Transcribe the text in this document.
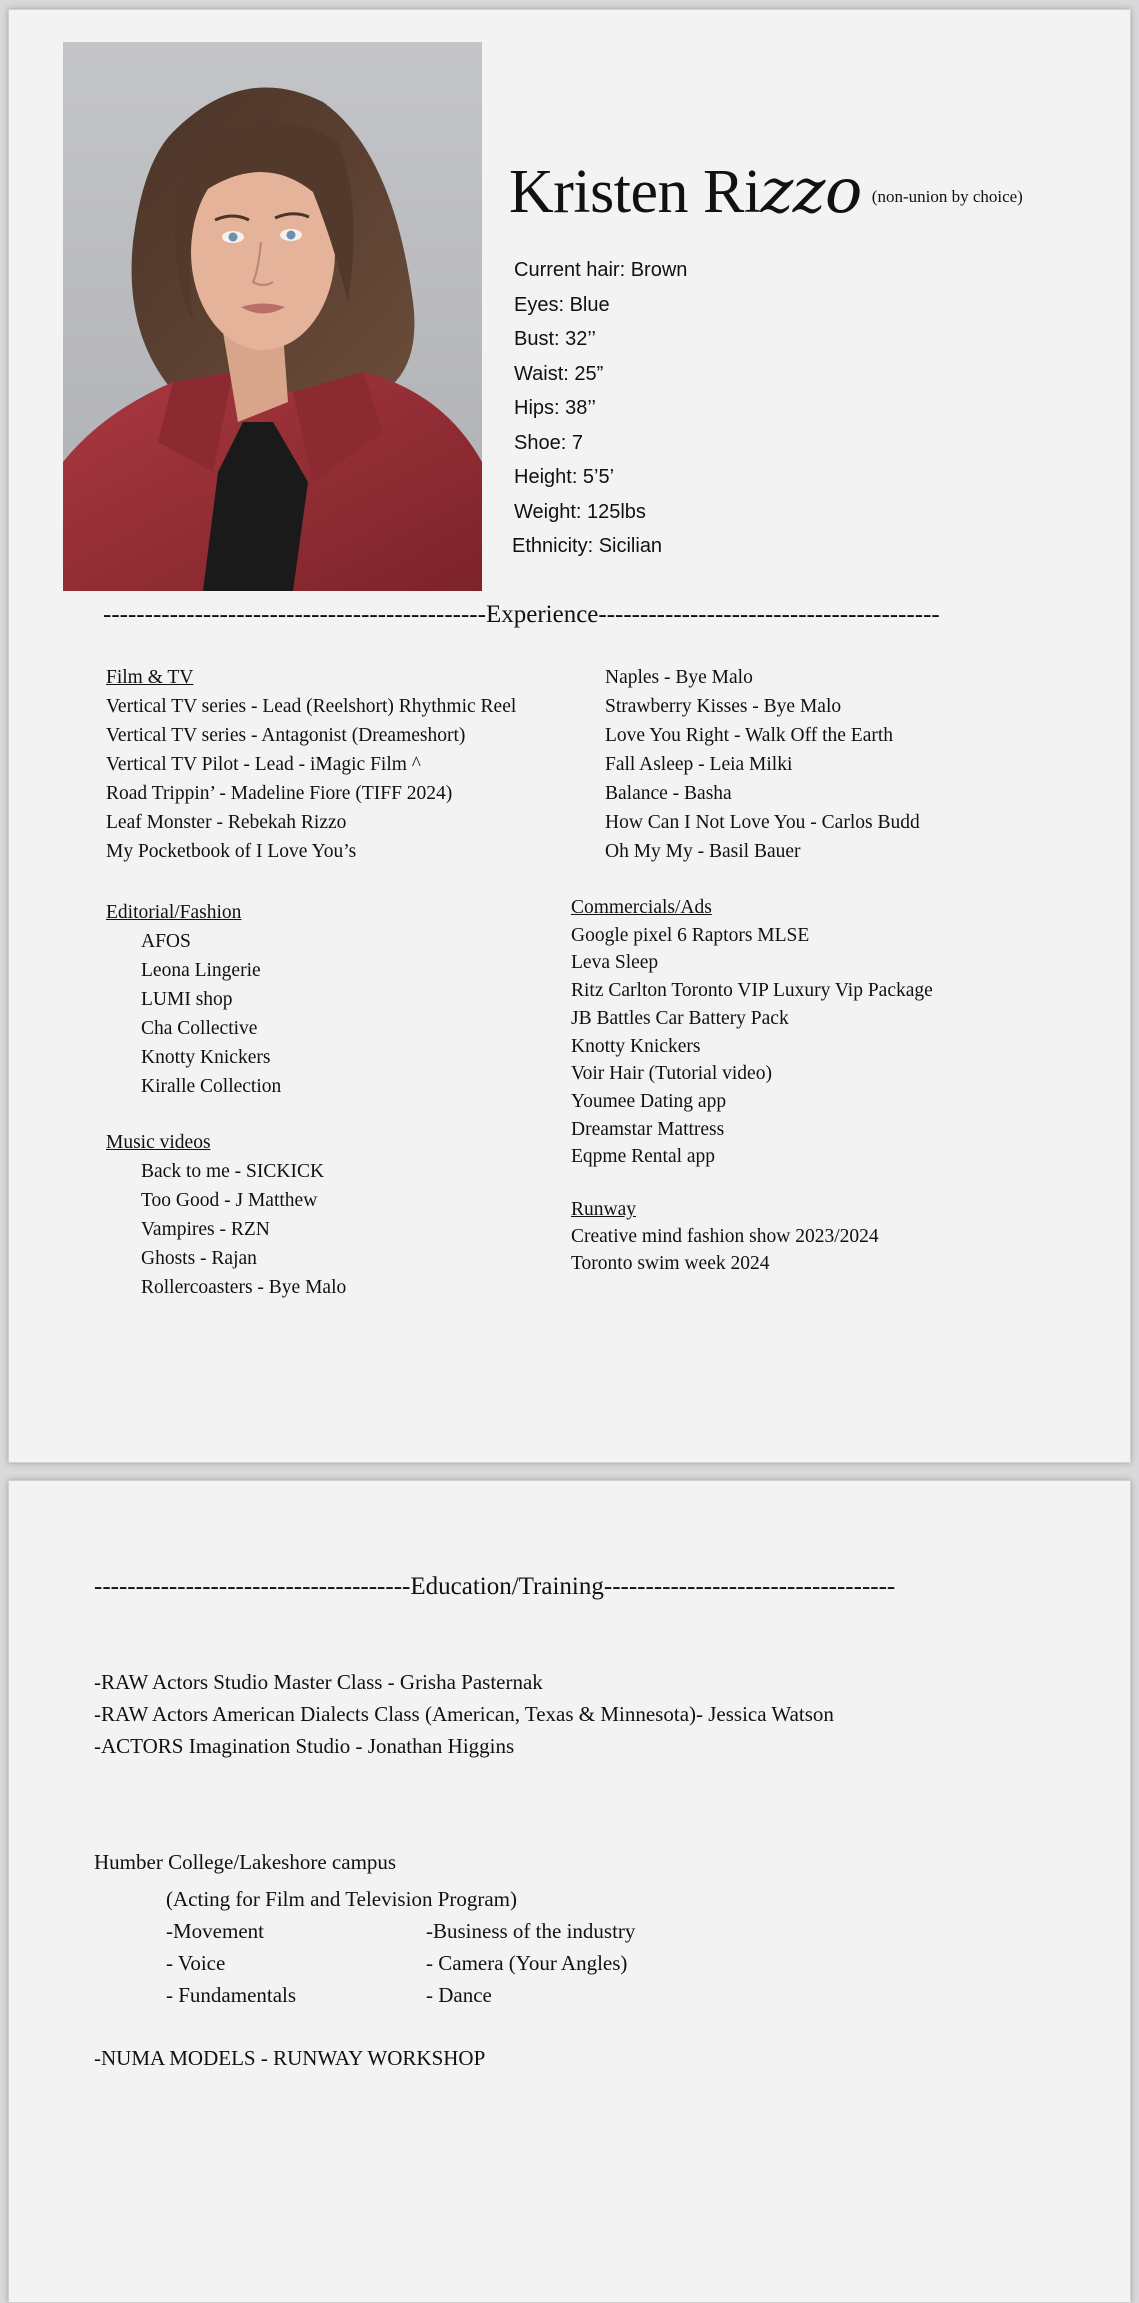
Kristen Rizzo (non-union by choice)
Current hair: Brown
Eyes: Blue
Bust: 32’’
Waist: 25”
Hips: 38’’
Shoe: 7
Height: 5’5’
Weight: 125lbs
Ethnicity: Sicilian
----------------------------------------------Experience-----------------------------------------
Film & TV
Vertical TV series - Lead (Reelshort) Rhythmic Reel
Vertical TV series - Antagonist (Dreameshort)
Vertical TV Pilot - Lead - iMagic Film ^
Road Trippin’ - Madeline Fiore (TIFF 2024)
Leaf Monster - Rebekah Rizzo
My Pocketbook of I Love You’s
Naples - Bye Malo
Strawberry Kisses - Bye Malo
Love You Right - Walk Off the Earth
Fall Asleep - Leia Milki
Balance - Basha
How Can I Not Love You - Carlos Budd
Oh My My - Basil Bauer
Editorial/Fashion
AFOS
Leona Lingerie
LUMI shop
Cha Collective
Knotty Knickers
Kiralle Collection
Music videos
Back to me - SICKICK
Too Good - J Matthew
Vampires - RZN
Ghosts - Rajan
Rollercoasters - Bye Malo
Commercials/Ads
Google pixel 6 Raptors MLSE
Leva Sleep
Ritz Carlton Toronto VIP Luxury Vip Package
JB Battles Car Battery Pack
Knotty Knickers
Voir Hair (Tutorial video)
Youmee Dating app
Dreamstar Mattress
Eqpme Rental app
Runway
Creative mind fashion show 2023/2024
Toronto swim week 2024
--------------------------------------Education/Training-----------------------------------
-RAW Actors Studio Master Class - Grisha Pasternak
-RAW Actors American Dialects Class (American, Texas & Minnesota)- Jessica Watson
-ACTORS Imagination Studio - Jonathan Higgins
Humber College/Lakeshore campus
(Acting for Film and Television Program)
-Movement
- Voice
- Fundamentals
-Business of the industry
- Camera (Your Angles)
- Dance
-NUMA MODELS - RUNWAY WORKSHOP
